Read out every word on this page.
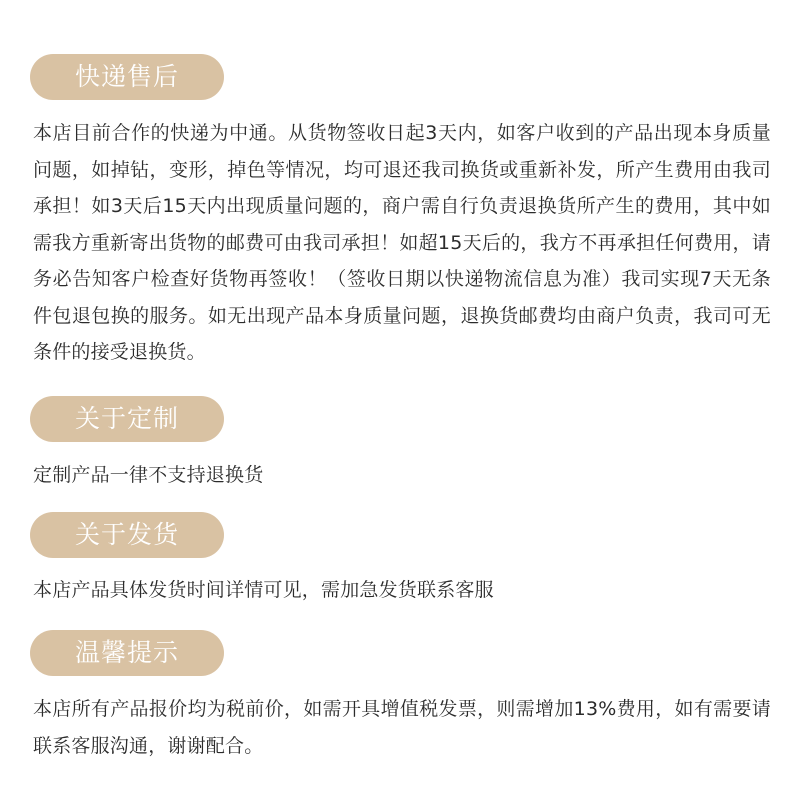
快递售后

本店目前合作的快递为中通。从货物签收日起3天内，如客户收到的产品出现本身质量问题，如掉钻，变形，掉色等情况，均可退还我司换货或重新补发，所产生费用由我司承担！如3天后15天内出现质量问题的，商户需自行负责退换货所产生的费用，其中如需我方重新寄出货物的邮费可由我司承担！如超15天后的，我方不再承担任何费用，请务必告知客户检查好货物再签收！（签收日期以快递物流信息为准）我司实现7天无条件包退包换的服务。如无出现产品本身质量问题，退换货邮费均由商户负责，我司可无条件的接受退换货。

关于定制

定制产品一律不支持退换货

关于发货

本店产品具体发货时间详情可见，需加急发货联系客服

温馨提示

本店所有产品报价均为税前价，如需开具增值税发票，则需增加13%费用，如有需要请联系客服沟通，谢谢配合。
